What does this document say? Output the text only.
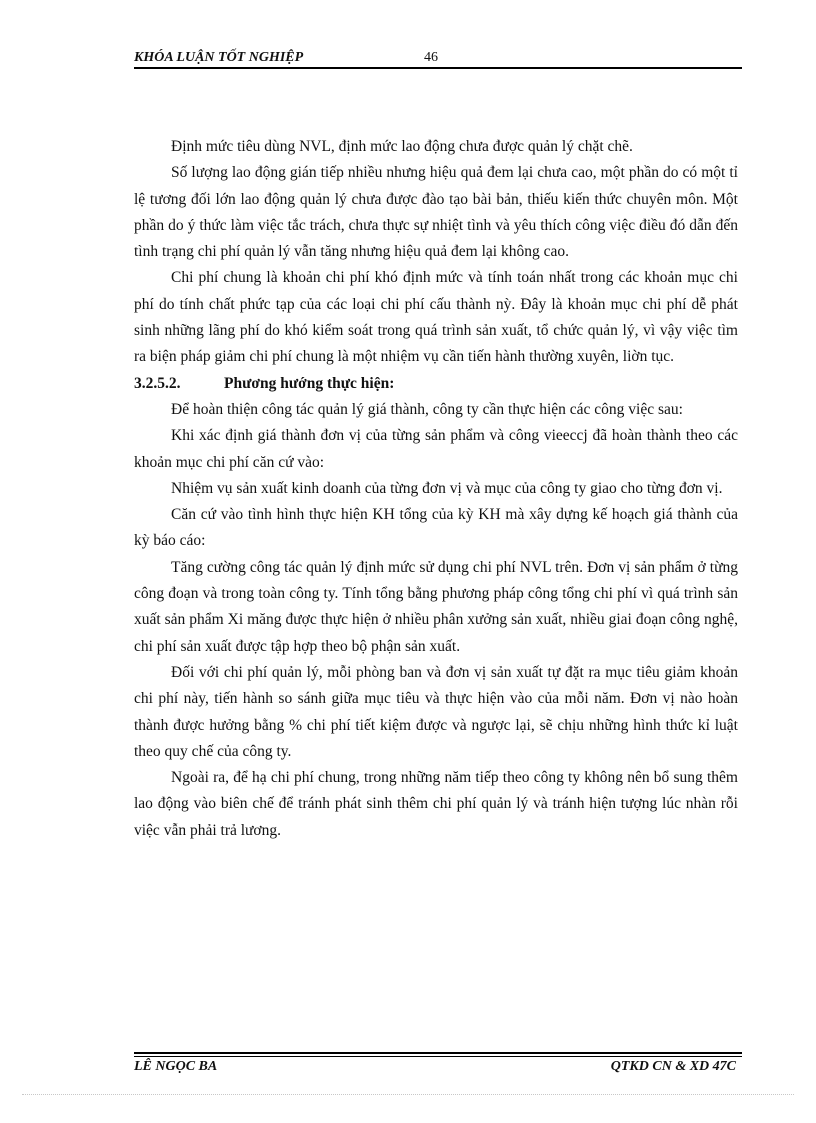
KHÓA LUẬN TỐT NGHIỆP	46

Định mức tiêu dùng NVL, định mức lao động chưa được quản lý chặt chẽ.

Số lượng lao động gián tiếp nhiều nhưng hiệu quả đem lại chưa cao, một phần do có một tỉ lệ tương đối lớn lao động quản lý chưa được đào tạo bài bản, thiếu kiến thức chuyên môn. Một phần do ý thức làm việc tắc trách, chưa thực sự nhiệt tình và yêu thích công việc điều đó dẫn đến tình trạng chi phí quản lý vẫn tăng nhưng hiệu quả đem lại không cao.

Chi phí chung là khoản chi phí khó định mức và tính toán nhất trong các khoản mục chi phí do tính chất phức tạp của các loại chi phí cấu thành nỳ. Đây là khoản mục chi phí dễ phát sinh những lãng phí do khó kiểm soát trong quá trình sản xuất, tổ chức quản lý, vì vậy việc tìm ra biện pháp giảm chi phí chung là một nhiệm vụ cần tiến hành thường xuyên, liờn tục.

3.2.5.2.	Phương hướng thực hiện:

Để hoàn thiện công tác quản lý giá thành, công ty cần thực hiện các công việc sau:

Khi xác định giá thành đơn vị của từng sản phẩm và công vieeccj đã hoàn thành theo các khoản mục chi phí căn cứ vào:

Nhiệm vụ sản xuất kinh doanh của từng đơn vị và mục của công ty giao cho từng đơn vị.

Căn cứ vào tình hình thực hiện KH tổng của kỳ KH mà xây dựng kế hoạch giá thành của kỳ báo cáo:

Tăng cường công tác quản lý định mức sử dụng chi phí NVL trên. Đơn vị sản phẩm ở từng công đoạn và trong toàn công ty. Tính tổng bằng phương pháp công tổng chi phí vì quá trình sản xuất sản phẩm Xi măng được thực hiện ở nhiều phân xưởng sản xuất, nhiều giai đoạn công nghệ, chi phí sản xuất được tập hợp theo bộ phận sản xuất.

Đối với chi phí quản lý, mỗi phòng ban và đơn vị sản xuất tự đặt ra mục tiêu giảm khoản chi phí này, tiến hành so sánh giữa mục tiêu và thực hiện vào của mỗi năm. Đơn vị nào hoàn thành được hưởng bằng % chi phí tiết kiệm được và ngược lại, sẽ chịu những hình thức kỉ luật theo quy chế của công ty.

Ngoài ra, để hạ chi phí chung, trong những năm tiếp theo công ty không nên bổ sung thêm lao động vào biên chế để tránh phát sinh thêm chi phí quản lý và tránh hiện tượng lúc nhàn rỗi việc vẫn phải trả lương.

LÊ NGỌC BA	QTKD CN & XD 47C
